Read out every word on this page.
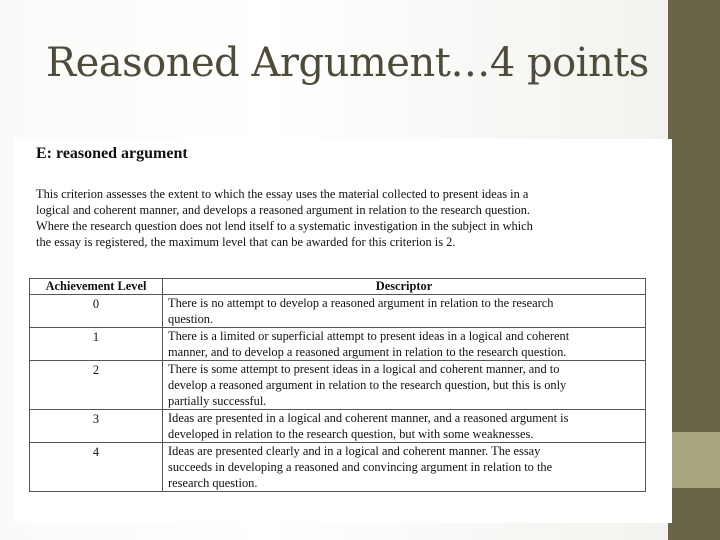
Reasoned Argument…4 points
E: reasoned argument
This criterion assesses the extent to which the essay uses the material collected to present ideas in a
logical and coherent manner, and develops a reasoned argument in relation to the research question.
Where the research question does not lend itself to a systematic investigation in the subject in which
the essay is registered, the maximum level that can be awarded for this criterion is 2.
Achievement Level	Descriptor
0	There is no attempt to develop a reasoned argument in relation to the research
question.

1	There is a limited or superficial attempt to present ideas in a logical and coherent
manner, and to develop a reasoned argument in relation to the research question.

2	There is some attempt to present ideas in a logical and coherent manner, and to
develop a reasoned argument in relation to the research question, but this is only
partially successful.

3	Ideas are presented in a logical and coherent manner, and a reasoned argument is
developed in relation to the research question, but with some weaknesses.

4	Ideas are presented clearly and in a logical and coherent manner. The essay
succeeds in developing a reasoned and convincing argument in relation to the
research question.
